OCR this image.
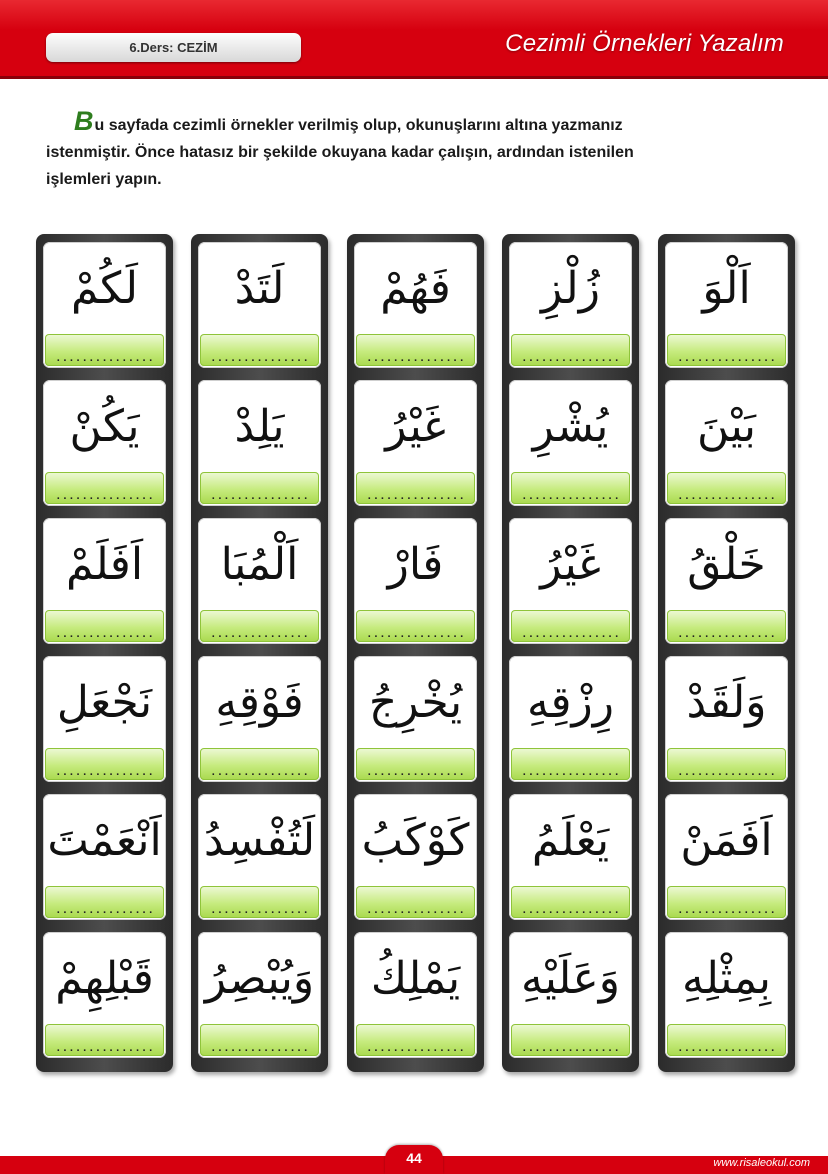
6.Ders: CEZİM	Cezimli Örnekleri Yazalım
Bu sayfada cezimli örnekler verilmiş olup, okunuşlarını altına yazmanız
istenmiştir. Önce hatasız bir şekilde okuyana kadar çalışın, ardından istenilen
işlemleri yapın.
لَكُمْ
...............
يَكُنْ
...............
اَفَلَمْ
...............
نَجْعَلِ
...............
اَنْعَمْتَ
...............
قَبْلِهِمْ
...............
لَتَدْ
...............
يَلِدْ
...............
اَلْمُبَا
...............
فَوْقِهِ
...............
لَتُفْسِدُ
...............
وَيُبْصِرُ
...............
فَهُمْ
...............
غَيْرُ
...............
فَارْ
...............
يُخْرِجُ
...............
كَوْكَبُ
...............
يَمْلِكُ
...............
زُلْزِ
...............
يُشْرِ
...............
غَيْرُ
...............
رِزْقِهِ
...............
يَعْلَمُ
...............
وَعَلَيْهِ
...............
اَلْوَ
...............
بَيْنَ
...............
خَلْقُ
...............
وَلَقَدْ
...............
اَفَمَنْ
...............
بِمِثْلِهِ
...............
44	www.risaleokul.com
